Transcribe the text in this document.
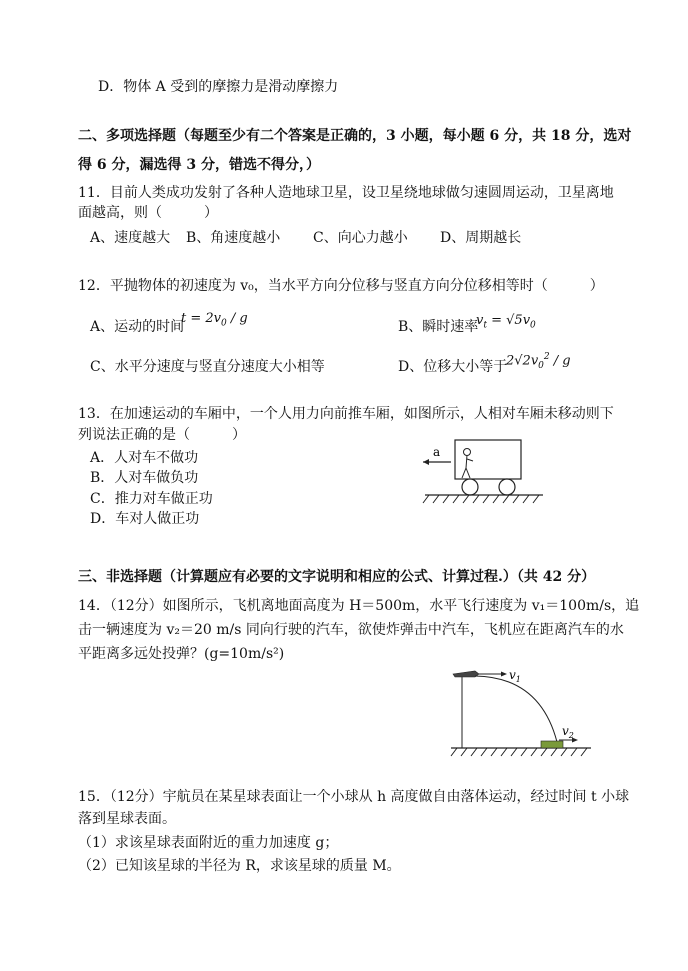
D．物体 A 受到的摩擦力是滑动摩擦力
二、多项选择题（每题至少有二个答案是正确的，3 小题，每小题 6 分，共 18 分，选对
得 6 分，漏选得 3 分，错选不得分，）
11．目前人类成功发射了各种人造地球卫星，设卫星绕地球做匀速圆周运动，卫星离地
面越高，则（　　　）
A、速度越大 B、角速度越小 C、向心力越小 D、周期越长
12．平抛物体的初速度为 v₀，当水平方向分位移与竖直方向分位移相等时（　　　）
A、运动的时间
$t = 2v_0 / g$
B、瞬时速率
$v_t = √5v_0$
C、水平分速度与竖直分速度大小相等	D、位移大小等于
$2√2v_0^2$ / g
13．在加速运动的车厢中，一个人用力向前推车厢，如图所示，人相对车厢未移动则下
列说法正确的是（　　　）
A．人对车不做功
B．人对车做负功
C．推力对车做正功
D．车对人做正功
a
三、非选择题（计算题应有必要的文字说明和相应的公式、计算过程.）（共 42 分）
14．（12分）如图所示，飞机离地面高度为 H＝500m，水平飞行速度为 v₁＝100m/s，追
击一辆速度为 v₂＝20 m/s 同向行驶的汽车，欲使炸弹击中汽车，飞机应在距离汽车的水
平距离多远处投弹？(g=10m/s²)
$v_1$
$v_2$
15．（12分）宇航员在某星球表面让一个小球从 h 高度做自由落体运动，经过时间 t 小球
落到星球表面。
（1）求该星球表面附近的重力加速度 g；
（2）已知该星球的半径为 R，求该星球的质量 M。
